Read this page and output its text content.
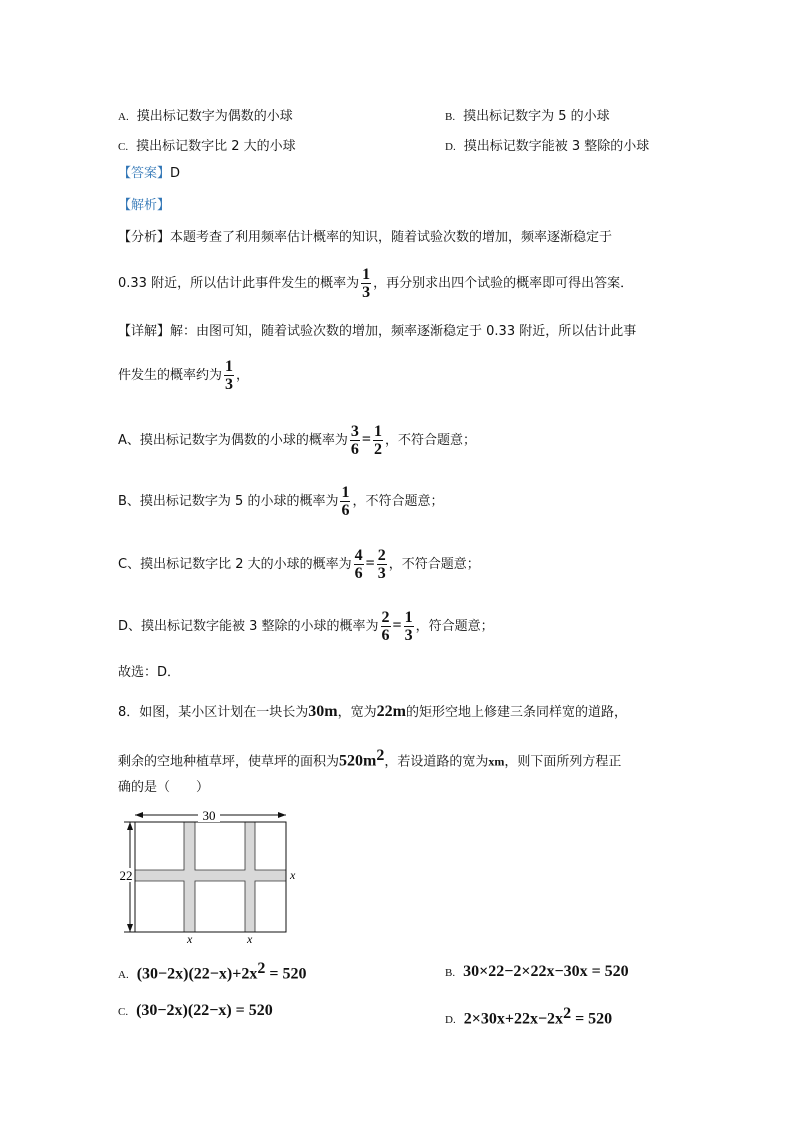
A. 摸出标记数字为偶数的小球	B. 摸出标记数字为 5 的小球
C. 摸出标记数字比 2 大的小球	D. 摸出标记数字能被 3 整除的小球
【答案】D
【解析】
【分析】本题考查了利用频率估计概率的知识，随着试验次数的增加，频率逐渐稳定于
0.33 附近，所以估计此事件发生的概率为 $\frac{1}{3}$ ，再分别求出四个试验的概率即可得出答案．
【详解】解：由图可知，随着试验次数的增加，频率逐渐稳定于 0.33 附近，所以估计此事
件发生的概率约为 $\frac{1}{3}$ ，
A、摸出标记数字为偶数的小球的概率为 $\frac{3}{6} = \frac{1}{2}$ ，不符合题意；
B、摸出标记数字为 5 的小球的概率为 $\frac{1}{6}$ ，不符合题意；
C、摸出标记数字比 2 大的小球的概率为 $\frac{4}{6} = \frac{2}{3}$ ，不符合题意；
D、摸出标记数字能被 3 整除的小球的概率为 $\frac{2}{6} = \frac{1}{3}$ ，符合题意；
故选：D．
8．如图，某小区计划在一块长为30m，宽为22m的矩形空地上修建三条同样宽的道路，
剩余的空地种植草坪，使草坪的面积为$520m^2$，若设道路的宽为xm，则下面所列方程正
确的是（　　）
30
22	x
x	x
A. $(30-2x)(22-x)+2x^2 = 520$	B. 30×22−2×22x−30x = 520
C. (30−2x)(22−x) = 520
D. $2\times 30x+22x-2x^2 = 520$
